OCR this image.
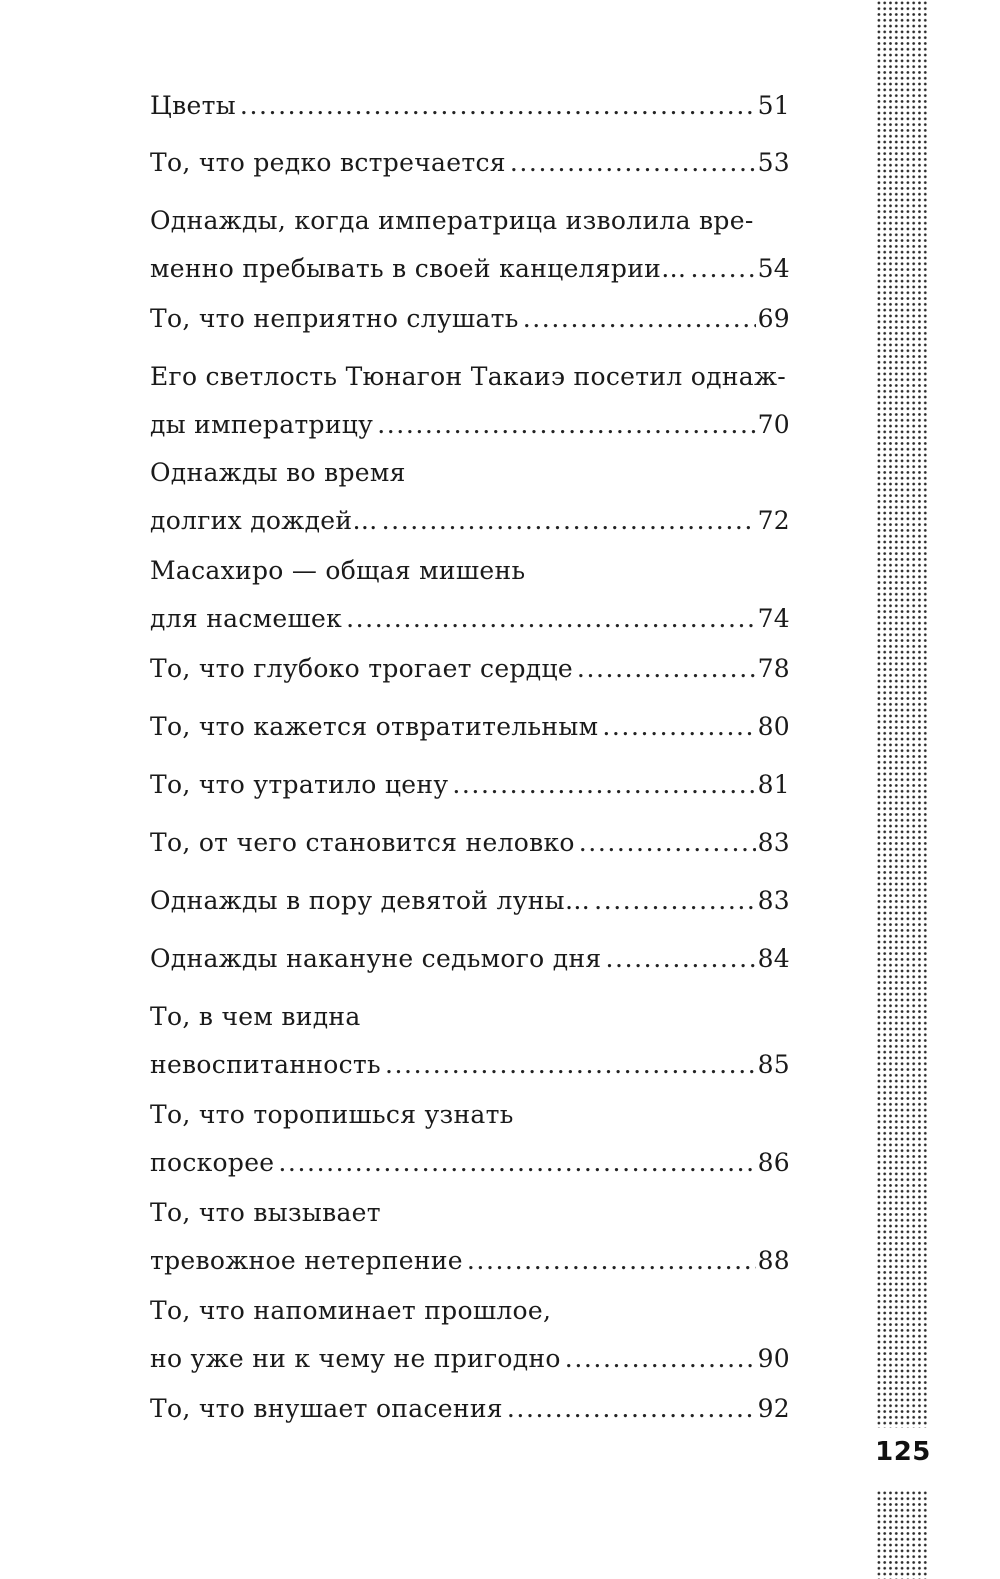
125
Цветы .....	51
То, что редко встречается .....	53
Однажды, когда императрица изволила вре-
менно пребывать в своей канцелярии… .....	54
То, что неприятно слушать .....	69
Его светлость Тюнагон Такаиэ посетил однаж-
ды императрицу .....	70
Однажды во время
долгих дождей… .....	72
Масахиро — общая мишень
для насмешек .....	74
То, что глубоко трогает сердце .....	78
То, что кажется отвратительным .....	80
То, что утратило цену .....	81
То, от чего становится неловко .....	83
Однажды в пору девятой луны… .....	83
Однажды накануне седьмого дня .....	84
То, в чем видна
невоспитанность .....	85
То, что торопишься узнать
поскорее .....	86
То, что вызывает
тревожное нетерпение .....	88
То, что напоминает прошлое,
но уже ни к чему не пригодно .....	90
То, что внушает опасения .....	92
